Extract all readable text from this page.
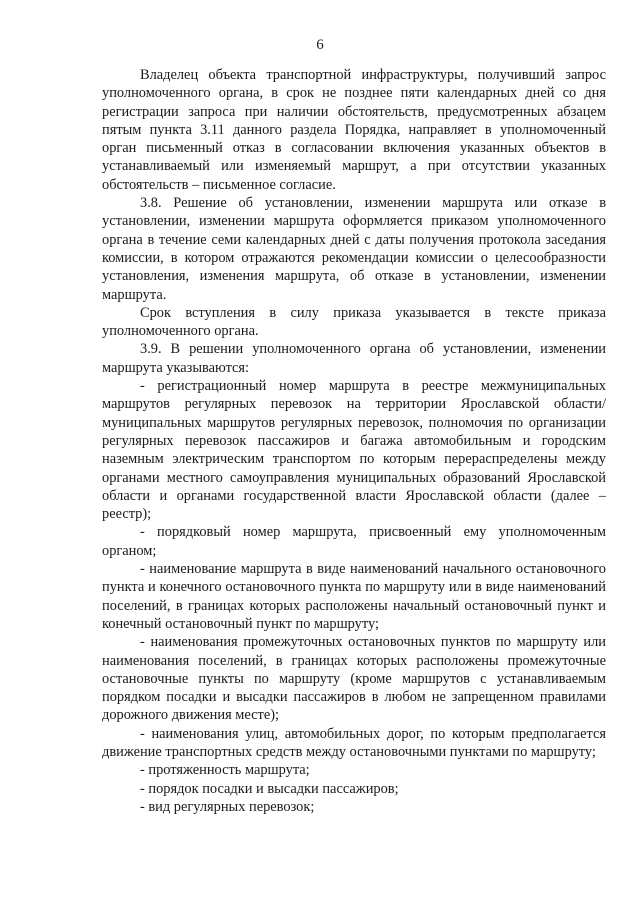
6

Владелец объекта транспортной инфраструктуры, получивший запрос уполномоченного органа, в срок не позднее пяти календарных дней со дня регистрации запроса при наличии обстоятельств, предусмотренных абзацем пятым пункта 3.11 данного раздела Порядка, направляет в уполномоченный орган письменный отказ в согласовании включения указанных объектов в устанавливаемый или изменяемый маршрут, а при отсутствии указанных обстоятельств – письменное согласие.

3.8. Решение об установлении, изменении маршрута или отказе в установлении, изменении маршрута оформляется приказом уполномоченного органа в течение семи календарных дней с даты получения протокола заседания комиссии, в котором отражаются рекомендации комиссии о целесообразности установления, изменения маршрута, об отказе в установлении, изменении маршрута.

Срок вступления в силу приказа указывается в тексте приказа уполномоченного органа.

3.9. В решении уполномоченного органа об установлении, изменении маршрута указываются:

- регистрационный номер маршрута в реестре межмуниципальных маршрутов регулярных перевозок на территории Ярославской области/ муниципальных маршрутов регулярных перевозок, полномочия по организации регулярных перевозок пассажиров и багажа автомобильным и городским наземным электрическим транспортом по которым перераспределены между органами местного самоуправления муниципальных образований Ярославской области и органами государственной власти Ярославской области (далее – реестр);

- порядковый номер маршрута, присвоенный ему уполномоченным органом;

- наименование маршрута в виде наименований начального остановочного пункта и конечного остановочного пункта по маршруту или в виде наименований поселений, в границах которых расположены начальный остановочный пункт и конечный остановочный пункт по маршруту;

- наименования промежуточных остановочных пунктов по маршруту или наименования поселений, в границах которых расположены промежуточные остановочные пункты по маршруту (кроме маршрутов с устанавливаемым порядком посадки и высадки пассажиров в любом не запрещенном правилами дорожного движения месте);

- наименования улиц, автомобильных дорог, по которым предполагается движение транспортных средств между остановочными пунктами по маршруту;

- протяженность маршрута;

- порядок посадки и высадки пассажиров;

- вид регулярных перевозок;
